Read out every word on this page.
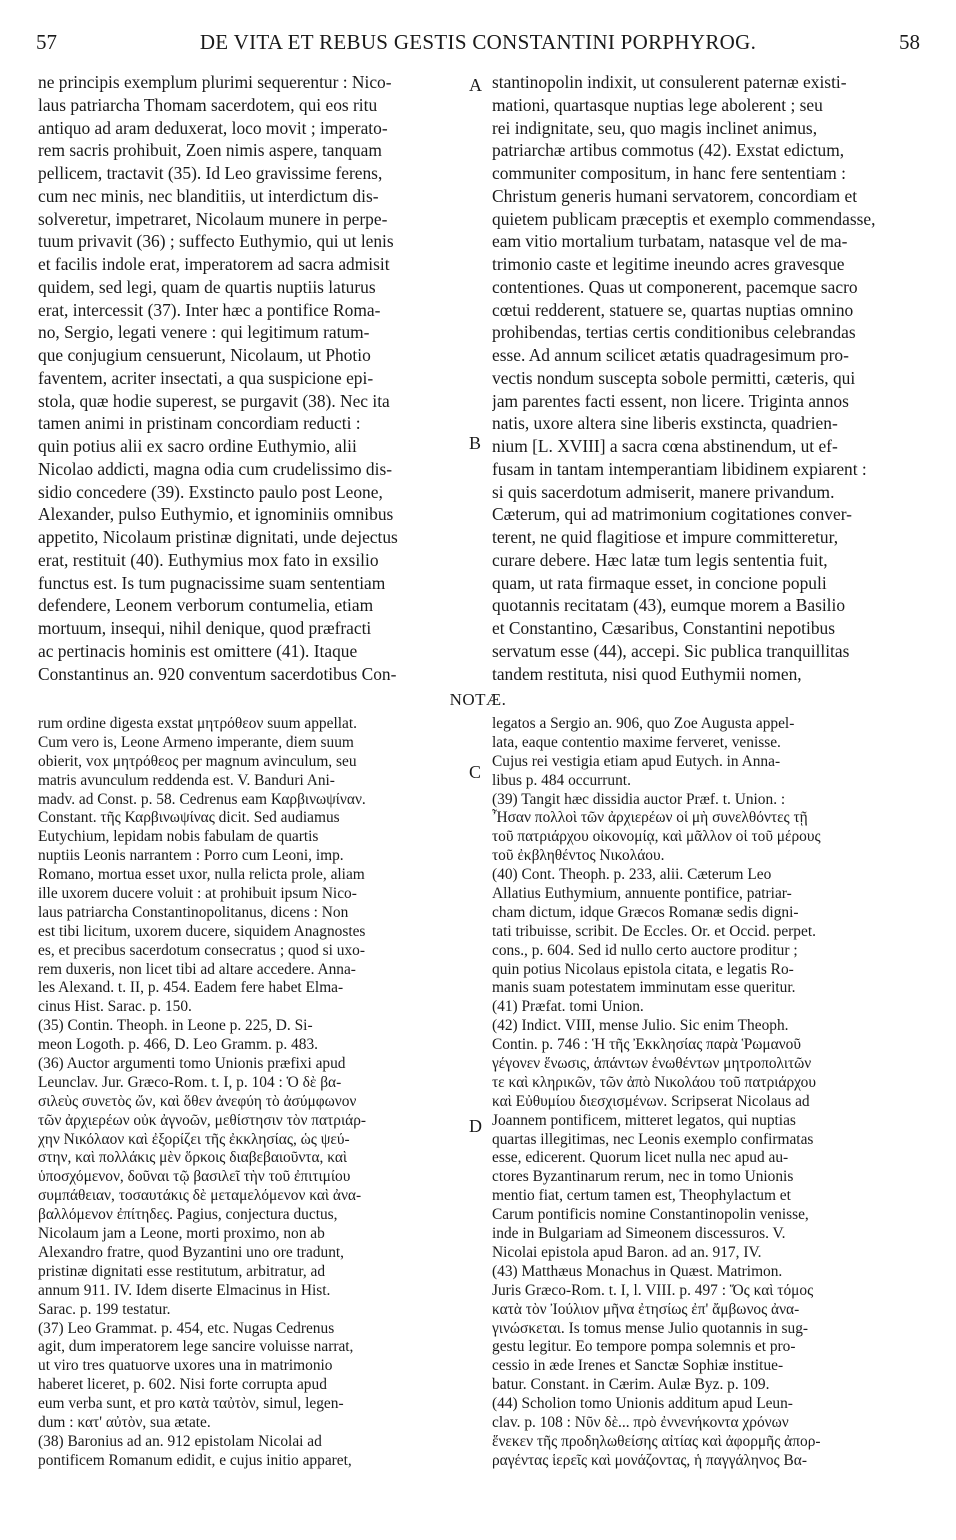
57	DE VITA ET REBUS GESTIS CONSTANTINI PORPHYROG.	58
ne principis exemplum plurimi sequerentur : Nico-
laus patriarcha Thomam sacerdotem, qui eos ritu
antiquo ad aram deduxerat, loco movit ; imperato-
rem sacris prohibuit, Zoen nimis aspere, tanquam
pellicem, tractavit (35). Id Leo gravissime ferens,
cum nec minis, nec blanditiis, ut interdictum dis-
solveretur, impetraret, Nicolaum munere in perpe-
tuum privavit (36) ; suffecto Euthymio, qui ut lenis
et facilis indole erat, imperatorem ad sacra admisit
quidem, sed legi, quam de quartis nuptiis laturus
erat, intercessit (37). Inter hæc a pontifice Roma-
no, Sergio, legati venere : qui legitimum ratum-
que conjugium censuerunt, Nicolaum, ut Photio
faventem, acriter insectati, a qua suspicione epi-
stola, quæ hodie superest, se purgavit (38). Nec ita
tamen animi in pristinam concordiam reducti :
quin potius alii ex sacro ordine Euthymio, alii
Nicolao addicti, magna odia cum crudelissimo dis-
sidio concedere (39). Exstincto paulo post Leone,
Alexander, pulso Euthymio, et ignominiis omnibus
appetito, Nicolaum pristinæ dignitati, unde dejectus
erat, restituit (40). Euthymius mox fato in exsilio
functus est. Is tum pugnacissime suam sententiam
defendere, Leonem verborum contumelia, etiam
mortuum, insequi, nihil denique, quod præfracti
ac pertinacis hominis est omittere (41). Itaque
Constantinus an. 920 conventum sacerdotibus Con-
stantinopolin indixit, ut consulerent paternæ existi-
mationi, quartasque nuptias lege abolerent ; seu
rei indignitate, seu, quo magis inclinet animus,
patriarchæ artibus commotus (42). Exstat edictum,
communiter compositum, in hanc fere sententiam :
Christum generis humani servatorem, concordiam et
quietem publicam præceptis et exemplo commendasse,
eam vitio mortalium turbatam, natasque vel de ma-
trimonio caste et legitime ineundo acres gravesque
contentiones. Quas ut componerent, pacemque sacro
cœtui redderent, statuere se, quartas nuptias omnino
prohibendas, tertias certis conditionibus celebrandas
esse. Ad annum scilicet ætatis quadragesimum pro-
vectis nondum suscepta sobole permitti, cæteris, qui
jam parentes facti essent, non licere. Triginta annos
natis, uxore altera sine liberis exstincta, quadrien-
nium [L. XVIII] a sacra cœna abstinendum, ut ef-
fusam in tantam intemperantiam libidinem expiarent :
si quis sacerdotum admiserit, manere privandum.
Cæterum, qui ad matrimonium cogitationes conver-
terent, ne quid flagitiose et impure committeretur,
curare debere. Hæc latæ tum legis sententia fuit,
quam, ut rata firmaque esset, in concione populi
quotannis recitatam (43), eumque morem a Basilio
et Constantino, Cæsaribus, Constantini nepotibus
servatum esse (44), accepi. Sic publica tranquillitas
tandem restituta, nisi quod Euthymii nomen,
A
B
C
D
NOTÆ.
rum ordine digesta exstat μητρόθεον suum appellat.
Cum vero is, Leone Armeno imperante, diem suum
obierit, vox μητρόθεος per magnum avinculum, seu
matris avunculum reddenda est. V. Banduri Ani-
madv. ad Const. p. 58. Cedrenus eam Καρβινωψίναν.
Constant. τῆς Καρβινωψίνας dicit. Sed audiamus
Eutychium, lepidam nobis fabulam de quartis
nuptiis Leonis narrantem : Porro cum Leoni, imp.
Romano, mortua esset uxor, nulla relicta prole, aliam
ille uxorem ducere voluit : at prohibuit ipsum Nico-
laus patriarcha Constantinopolitanus, dicens : Non
est tibi licitum, uxorem ducere, siquidem Anagnostes
es, et precibus sacerdotum consecratus ; quod si uxo-
rem duxeris, non licet tibi ad altare accedere. Anna-
les Alexand. t. II, p. 454. Eadem fere habet Elma-
cinus Hist. Sarac. p. 150.
(35) Contin. Theoph. in Leone p. 225, D. Si-
meon Logoth. p. 466, D. Leo Gramm. p. 483.
(36) Auctor argumenti tomo Unionis præfixi apud
Leunclav. Jur. Græco-Rom. t. I, p. 104 : Ὁ δὲ βα-
σιλεὺς συνετὸς ὤν, καὶ ὅθεν ἀνεφύη τὸ ἀσύμφωνον
τῶν ἀρχιερέων οὐκ ἀγνοῶν, μεθίστησιν τὸν πατριάρ-
χην Νικόλαον καὶ ἐξορίζει τῆς ἐκκλησίας, ὡς ψεύ-
στην, καὶ πολλάκις μὲν ὅρκοις διαβεβαιοῦντα, καὶ
ὑποσχόμενον, δοῦναι τῷ βασιλεῖ τὴν τοῦ ἐπιτιμίου
συμπάθειαν, τοσαυτάκις δὲ μεταμελόμενον καὶ ἀνα-
βαλλόμενον ἐπίτηδες. Pagius, conjectura ductus,
Nicolaum jam a Leone, morti proximo, non ab
Alexandro fratre, quod Byzantini uno ore tradunt,
pristinæ dignitati esse restitutum, arbitratur, ad
annum 911. IV. Idem diserte Elmacinus in Hist.
Sarac. p. 199 testatur.
(37) Leo Grammat. p. 454, etc. Nugas Cedrenus
agit, dum imperatorem lege sancire voluisse narrat,
ut viro tres quatuorve uxores una in matrimonio
haberet liceret, p. 602. Nisi forte corrupta apud
eum verba sunt, et pro κατὰ ταὐτὸν, simul, legen-
dum : κατ' αὐτὸν, sua ætate.
(38) Baronius ad an. 912 epistolam Nicolai ad
pontificem Romanum edidit, e cujus initio apparet,
legatos a Sergio an. 906, quo Zoe Augusta appel-
lata, eaque contentio maxime ferveret, venisse.
Cujus rei vestigia etiam apud Eutych. in Anna-
libus p. 484 occurrunt.
(39) Tangit hæc dissidia auctor Præf. t. Union. :
Ἦσαν πολλοὶ τῶν ἀρχιερέων οἱ μὴ συνελθόντες τῇ
τοῦ πατριάρχου οἰκονομίᾳ, καὶ μᾶλλον οἱ τοῦ μέρους
τοῦ ἐκβληθέντος Νικολάου.
(40) Cont. Theoph. p. 233, alii. Cæterum Leo
Allatius Euthymium, annuente pontifice, patriar-
cham dictum, idque Græcos Romanæ sedis digni-
tati tribuisse, scribit. De Eccles. Or. et Occid. perpet.
cons., p. 604. Sed id nullo certo auctore proditur ;
quin potius Nicolaus epistola citata, e legatis Ro-
manis suam potestatem imminutam esse queritur.
(41) Præfat. tomi Union.
(42) Indict. VIII, mense Julio. Sic enim Theoph.
Contin. p. 746 : Ἡ τῆς Ἐκκλησίας παρὰ Ῥωμανοῦ
γέγονεν ἕνωσις, ἁπάντων ἑνωθέντων μητροπολιτῶν
τε καὶ κληρικῶν, τῶν ἀπὸ Νικολάου τοῦ πατριάρχου
καὶ Εὐθυμίου διεσχισμένων. Scripserat Nicolaus ad
Joannem pontificem, mitteret legatos, qui nuptias
quartas illegitimas, nec Leonis exemplo confirmatas
esse, edicerent. Quorum licet nulla nec apud au-
ctores Byzantinarum rerum, nec in tomo Unionis
mentio fiat, certum tamen est, Theophylactum et
Carum pontificis nomine Constantinopolin venisse,
inde in Bulgariam ad Simeonem discessuros. V.
Nicolai epistola apud Baron. ad an. 917, IV.
(43) Matthæus Monachus in Quæst. Matrimon.
Juris Græco-Rom. t. I, l. VIII. p. 497 : Ὅς καὶ τόμος
κατὰ τὸν Ἰούλιον μῆνα ἐτησίως ἐπ' ἄμβωνος ἀνα-
γινώσκεται. Is tomus mense Julio quotannis in sug-
gestu legitur. Eo tempore pompa solemnis et pro-
cessio in æde Irenes et Sanctæ Sophiæ institue-
batur. Constant. in Cærim. Aulæ Byz. p. 109.
(44) Scholion tomo Unionis additum apud Leun-
clav. p. 108 : Νῦν δὲ... πρὸ ἐννενήκοντα χρόνων
ἕνεκεν τῆς προδηλωθείσης αἰτίας καὶ ἀφορμῆς ἀπορ-
ραγέντας ἱερεῖς καὶ μονάζοντας, ἡ παγγάληνος Βα-
